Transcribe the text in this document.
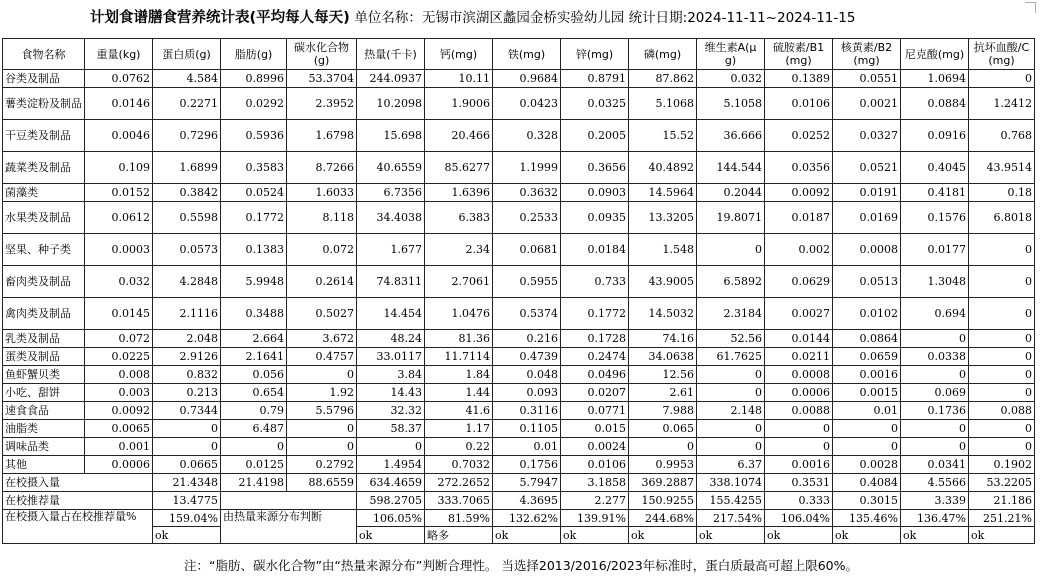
计划食谱膳食营养统计表(平均每人每天) 单位名称：无锡市滨湖区蠡园金桥实验幼儿园 统计日期:2024-11-11~2024-11-15
食物名称	重量(kg)	蛋白质(g)	脂肪(g)	碳水化合物(g)	热量(千卡)	钙(mg)	铁(mg)	锌(mg)	磷(mg)	维生素A(μg)	硫胺素/B1(mg)	核黄素/B2(mg)	尼克酸(mg)	抗坏血酸/C(mg)
谷类及制品	0.0762	4.584	0.8996	53.3704	244.0937	10.11	0.9684	0.8791	87.862	0.032	0.1389	0.0551	1.0694	0
薯类淀粉及制品	0.0146	0.2271	0.0292	2.3952	10.2098	1.9006	0.0423	0.0325	5.1068	5.1058	0.0106	0.0021	0.0884	1.2412
干豆类及制品	0.0046	0.7296	0.5936	1.6798	15.698	20.466	0.328	0.2005	15.52	36.666	0.0252	0.0327	0.0916	0.768
蔬菜类及制品	0.109	1.6899	0.3583	8.7266	40.6559	85.6277	1.1999	0.3656	40.4892	144.544	0.0356	0.0521	0.4045	43.9514
菌藻类	0.0152	0.3842	0.0524	1.6033	6.7356	1.6396	0.3632	0.0903	14.5964	0.2044	0.0092	0.0191	0.4181	0.18
水果类及制品	0.0612	0.5598	0.1772	8.118	34.4038	6.383	0.2533	0.0935	13.3205	19.8071	0.0187	0.0169	0.1576	6.8018
坚果、种子类	0.0003	0.0573	0.1383	0.072	1.677	2.34	0.0681	0.0184	1.548	0	0.002	0.0008	0.0177	0
畜肉类及制品	0.032	4.2848	5.9948	0.2614	74.8311	2.7061	0.5955	0.733	43.9005	6.5892	0.0629	0.0513	1.3048	0
禽肉类及制品	0.0145	2.1116	0.3488	0.5027	14.454	1.0476	0.5374	0.1772	14.5032	2.3184	0.0027	0.0102	0.694	0
乳类及制品	0.072	2.048	2.664	3.672	48.24	81.36	0.216	0.1728	74.16	52.56	0.0144	0.0864	0	0
蛋类及制品	0.0225	2.9126	2.1641	0.4757	33.0117	11.7114	0.4739	0.2474	34.0638	61.7625	0.0211	0.0659	0.0338	0
鱼虾蟹贝类	0.008	0.832	0.056	0	3.84	1.84	0.048	0.0496	12.56	0	0.0008	0.0016	0	0
小吃、甜饼	0.003	0.213	0.654	1.92	14.43	1.44	0.093	0.0207	2.61	0	0.0006	0.0015	0.069	0
速食食品	0.0092	0.7344	0.79	5.5796	32.32	41.6	0.3116	0.0771	7.988	2.148	0.0088	0.01	0.1736	0.088
油脂类	0.0065	0	6.487	0	58.37	1.17	0.1105	0.015	0.065	0	0	0	0	0
调味品类	0.001	0	0	0	0	0.22	0.01	0.0024	0	0	0	0	0	0
其他	0.0006	0.0665	0.0125	0.2792	1.4954	0.7032	0.1756	0.0106	0.9953	6.37	0.0016	0.0028	0.0341	0.1902
在校摄入量		21.4348	21.4198	88.6559	634.4659	272.2652	5.7947	3.1858	369.2887	338.1074	0.3531	0.4084	4.5566	53.2205
在校推荐量		13.4775			598.2705	333.7065	4.3695	2.277	150.9255	155.4255	0.333	0.3015	3.339	21.186
在校摄入量占在校推荐量%		159.04%	由热量来源分布判断		106.05%	81.59%	132.62%	139.91%	244.68%	217.54%	106.04%	135.46%	136.47%	251.21%
		ok			ok	略多	ok	ok	ok	ok	ok	ok	ok	ok
注：“脂肪、碳水化合物”由“热量来源分布”判断合理性。 当选择2013/2016/2023年标准时，蛋白质最高可超上限60%。
